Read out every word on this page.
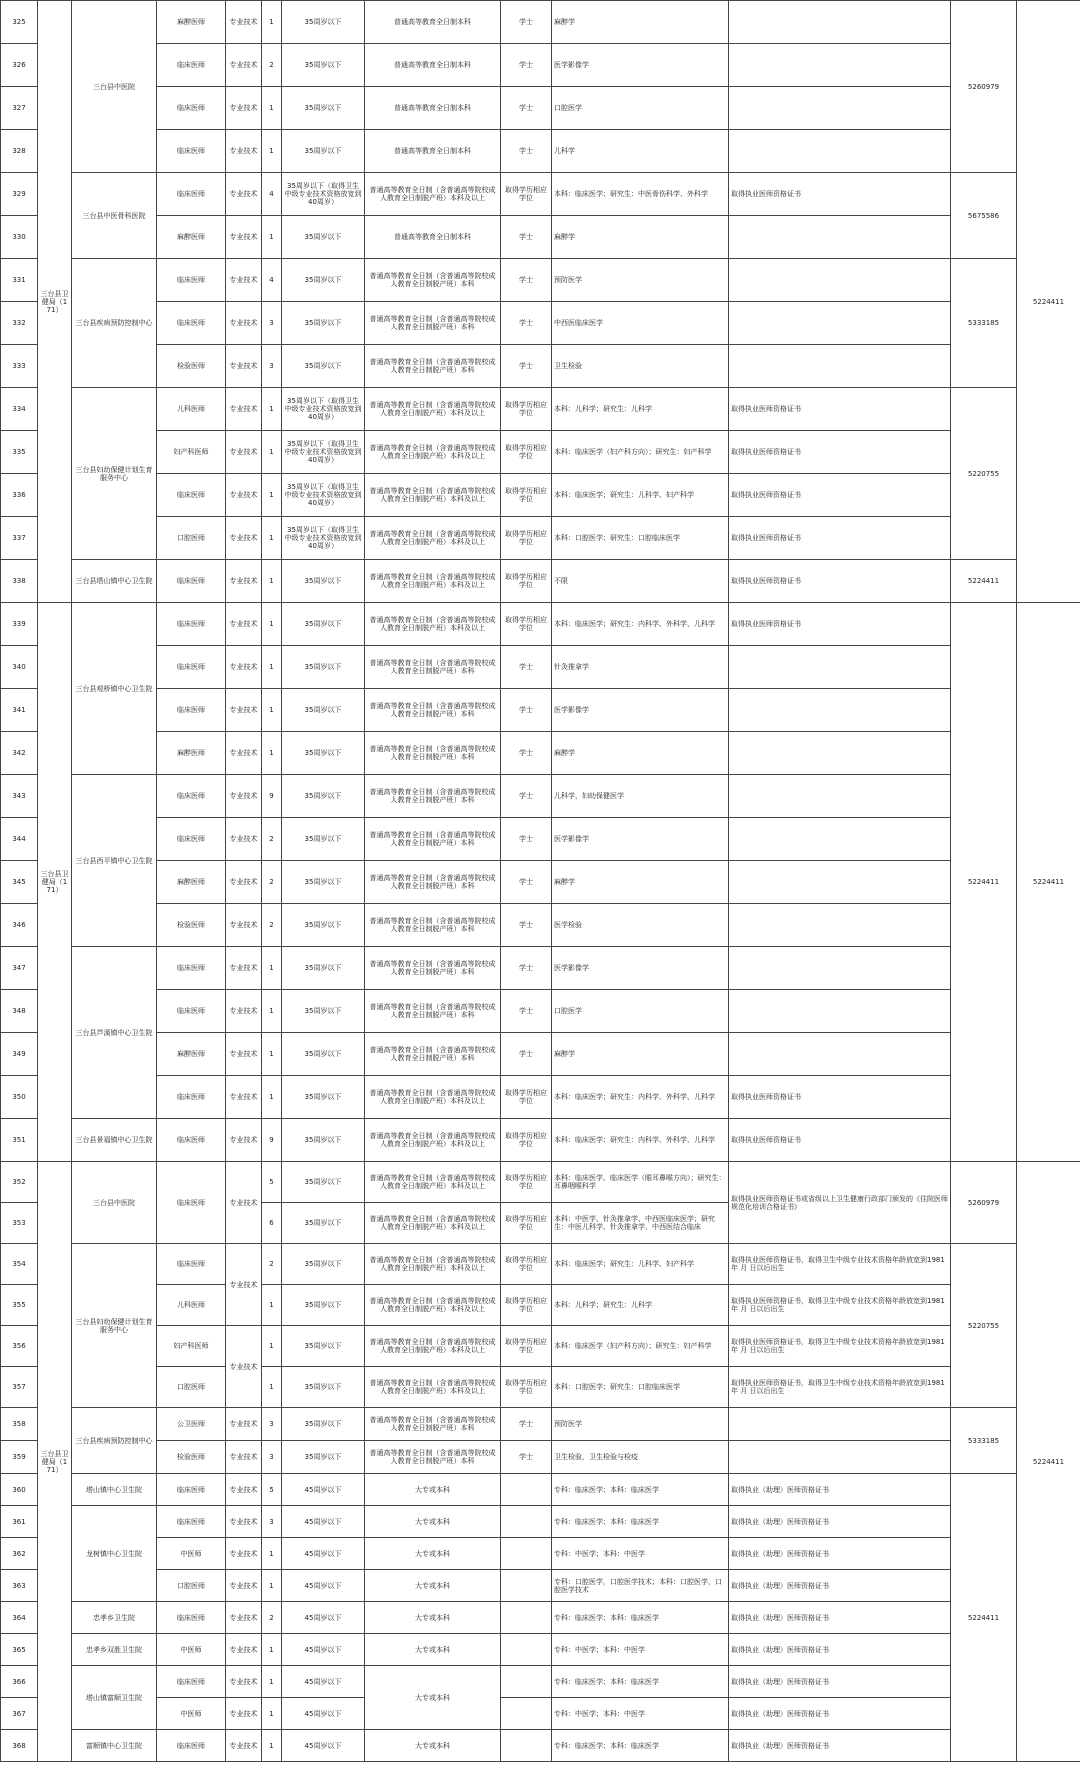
325	三台县卫健局（171）	三台县中医院	麻醉医师	专业技术	1	35周岁以下	普通高等教育全日制本科	学士	麻醉学		5260979	5224411
326			临床医师	专业技术	2	35周岁以下	普通高等教育全日制本科	学士	医学影像学			
327			临床医师	专业技术	1	35周岁以下	普通高等教育全日制本科	学士	口腔医学			
328			临床医师	专业技术	1	35周岁以下	普通高等教育全日制本科	学士	儿科学			
329		三台县中医骨科医院	临床医师	专业技术	4	35周岁以下（取得卫生中级专业技术资格放宽到40周岁）	普通高等教育全日制（含普通高等院校成人教育全日制脱产班）本科及以上	取得学历相应学位	本科：临床医学；研究生：中医骨伤科学、外科学	取得执业医师资格证书	5675586	
330			麻醉医师	专业技术	1	35周岁以下	普通高等教育全日制本科	学士	麻醉学			
331		三台县疾病预防控制中心	临床医师	专业技术	4	35周岁以下	普通高等教育全日制（含普通高等院校成人教育全日制脱产班）本科	学士	预防医学		5333185	
332			临床医师	专业技术	3	35周岁以下	普通高等教育全日制（含普通高等院校成人教育全日制脱产班）本科	学士	中西医临床医学			
333			检验医师	专业技术	3	35周岁以下	普通高等教育全日制（含普通高等院校成人教育全日制脱产班）本科	学士	卫生检验			
334		三台县妇幼保健计划生育服务中心	儿科医师	专业技术	1	35周岁以下（取得卫生中级专业技术资格放宽到40周岁）	普通高等教育全日制（含普通高等院校成人教育全日制脱产班）本科及以上	取得学历相应学位	本科：儿科学；研究生：儿科学	取得执业医师资格证书	5220755	
335			妇产科医师	专业技术	1	35周岁以下（取得卫生中级专业技术资格放宽到40周岁）	普通高等教育全日制（含普通高等院校成人教育全日制脱产班）本科及以上	取得学历相应学位	本科：临床医学（妇产科方向）；研究生：妇产科学	取得执业医师资格证书		
336			临床医师	专业技术	1	35周岁以下（取得卫生中级专业技术资格放宽到40周岁）	普通高等教育全日制（含普通高等院校成人教育全日制脱产班）本科及以上	取得学历相应学位	本科：临床医学；研究生：儿科学、妇产科学	取得执业医师资格证书		
337			口腔医师	专业技术	1	35周岁以下（取得卫生中级专业技术资格放宽到40周岁）	普通高等教育全日制（含普通高等院校成人教育全日制脱产班）本科及以上	取得学历相应学位	本科：口腔医学；研究生：口腔临床医学	取得执业医师资格证书		
338		三台县塔山镇中心卫生院	临床医师	专业技术	1	35周岁以下	普通高等教育全日制（含普通高等院校成人教育全日制脱产班）本科及以上	取得学历相应学位	不限	取得执业医师资格证书	5224411	
339	三台县卫健局（171）	三台县观桥镇中心卫生院	临床医师	专业技术	1	35周岁以下	普通高等教育全日制（含普通高等院校成人教育全日制脱产班）本科及以上	取得学历相应学位	本科：临床医学；研究生：内科学、外科学、儿科学	取得执业医师资格证书	5224411	5224411
340			临床医师	专业技术	1	35周岁以下	普通高等教育全日制（含普通高等院校成人教育全日制脱产班）本科	学士	针灸推拿学			
341			临床医师	专业技术	1	35周岁以下	普通高等教育全日制（含普通高等院校成人教育全日制脱产班）本科	学士	医学影像学			
342			麻醉医师	专业技术	1	35周岁以下	普通高等教育全日制（含普通高等院校成人教育全日制脱产班）本科	学士	麻醉学			
343		三台县西平镇中心卫生院	临床医师	专业技术	9	35周岁以下	普通高等教育全日制（含普通高等院校成人教育全日制脱产班）本科	学士	儿科学，妇幼保健医学			
344			临床医师	专业技术	2	35周岁以下	普通高等教育全日制（含普通高等院校成人教育全日制脱产班）本科	学士	医学影像学			
345			麻醉医师	专业技术	2	35周岁以下	普通高等教育全日制（含普通高等院校成人教育全日制脱产班）本科	学士	麻醉学			
346			检验医师	专业技术	2	35周岁以下	普通高等教育全日制（含普通高等院校成人教育全日制脱产班）本科	学士	医学检验			
347		三台县芦溪镇中心卫生院	临床医师	专业技术	1	35周岁以下	普通高等教育全日制（含普通高等院校成人教育全日制脱产班）本科	学士	医学影像学			
348			临床医师	专业技术	1	35周岁以下	普通高等教育全日制（含普通高等院校成人教育全日制脱产班）本科	学士	口腔医学			
349			麻醉医师	专业技术	1	35周岁以下	普通高等教育全日制（含普通高等院校成人教育全日制脱产班）本科	学士	麻醉学			
350			临床医师	专业技术	1	35周岁以下	普通高等教育全日制（含普通高等院校成人教育全日制脱产班）本科及以上	取得学历相应学位	本科：临床医学；研究生：内科学、外科学、儿科学	取得执业医师资格证书		
351		三台县景福镇中心卫生院	临床医师	专业技术	9	35周岁以下	普通高等教育全日制（含普通高等院校成人教育全日制脱产班）本科及以上	取得学历相应学位	本科：临床医学；研究生：内科学、外科学、儿科学	取得执业医师资格证书		
352	三台县卫健局（171）	三台县中医院	临床医师	专业技术	5	35周岁以下	普通高等教育全日制（含普通高等院校成人教育全日制脱产班）本科及以上	取得学历相应学位	本科：临床医学、临床医学（眼耳鼻喉方向）；研究生：耳鼻咽喉科学	取得执业医师资格证书或省级以上卫生健康行政部门颁发的《住院医师规范化培训合格证书》	5260979	5224411
353					6	35周岁以下	普通高等教育全日制（含普通高等院校成人教育全日制脱产班）本科及以上	取得学历相应学位	本科：中医学、针灸推拿学、中西医临床医学；研究生：中医儿科学、针灸推拿学、中西医结合临床			
354		三台县妇幼保健计划生育服务中心	临床医师	专业技术	2	35周岁以下	普通高等教育全日制（含普通高等院校成人教育全日制脱产班）本科及以上	取得学历相应学位	本科：临床医学；研究生：儿科学、妇产科学	取得执业医师资格证书，取得卫生中级专业技术资格年龄放宽到1981年 月 日以后出生	5220755	
355			儿科医师		1	35周岁以下	普通高等教育全日制（含普通高等院校成人教育全日制脱产班）本科及以上	取得学历相应学位	本科：儿科学；研究生：儿科学	取得执业医师资格证书，取得卫生中级专业技术资格年龄放宽到1981年 月 日以后出生		
356			妇产科医师	专业技术	1	35周岁以下	普通高等教育全日制（含普通高等院校成人教育全日制脱产班）本科及以上	取得学历相应学位	本科：临床医学（妇产科方向）；研究生：妇产科学	取得执业医师资格证书，取得卫生中级专业技术资格年龄放宽到1981年 月 日以后出生		
357			口腔医师		1	35周岁以下	普通高等教育全日制（含普通高等院校成人教育全日制脱产班）本科及以上	取得学历相应学位	本科：口腔医学；研究生：口腔临床医学	取得执业医师资格证书，取得卫生中级专业技术资格年龄放宽到1981年 月 日以后出生		
358		三台县疾病预防控制中心	公卫医师	专业技术	3	35周岁以下	普通高等教育全日制（含普通高等院校成人教育全日制脱产班）本科	学士	预防医学		5333185	
359			检验医师	专业技术	3	35周岁以下	普通高等教育全日制（含普通高等院校成人教育全日制脱产班）本科	学士	卫生检验，卫生检验与检疫			
360		塔山镇中心卫生院	临床医师	专业技术	5	45周岁以下	大专或本科		专科：临床医学；本科：临床医学	取得执业（助理）医师资格证书	5224411	
361		龙树镇中心卫生院	临床医师	专业技术	3	45周岁以下	大专或本科		专科：临床医学；本科：临床医学	取得执业（助理）医师资格证书		
362			中医师	专业技术	1	45周岁以下	大专或本科		专科：中医学；本科：中医学	取得执业（助理）医师资格证书		
363			口腔医师	专业技术	1	45周岁以下	大专或本科		专科：口腔医学，口腔医学技术；本科：口腔医学，口腔医学技术	取得执业（助理）医师资格证书		
364		忠孝乡卫生院	临床医师	专业技术	2	45周岁以下	大专或本科		专科：临床医学；本科：临床医学	取得执业（助理）医师资格证书		
365		忠孝乡双胜卫生院	中医师	专业技术	1	45周岁以下	大专或本科		专科：中医学；本科：中医学	取得执业（助理）医师资格证书		
366		塔山镇富顺卫生院	临床医师	专业技术	1	45周岁以下	大专或本科		专科：临床医学；本科：临床医学	取得执业（助理）医师资格证书		
367			中医师	专业技术	1	45周岁以下			专科：中医学；本科：中医学	取得执业（助理）医师资格证书		
368		富顺镇中心卫生院	临床医师	专业技术	1	45周岁以下	大专或本科		专科：临床医学；本科：临床医学	取得执业（助理）医师资格证书		
